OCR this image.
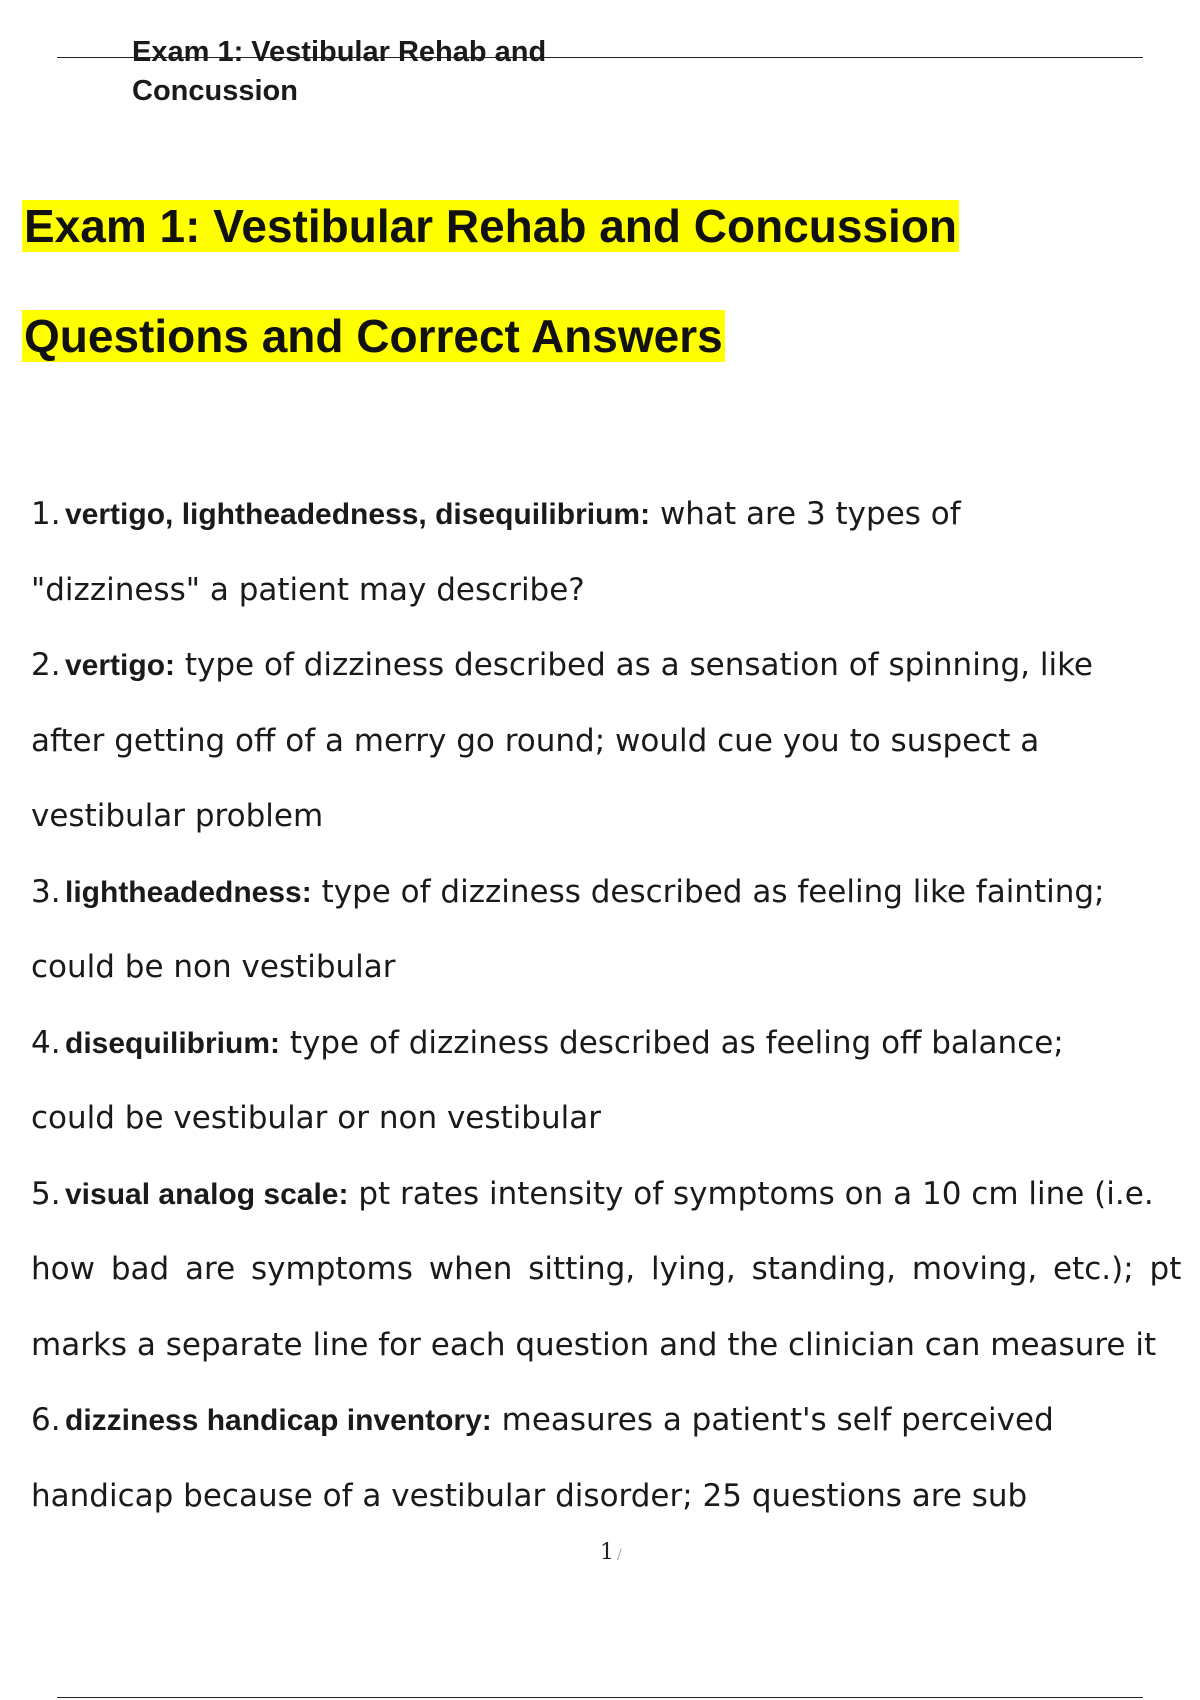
Exam 1: Vestibular Rehab and
Concussion
Exam 1: Vestibular Rehab and Concussion
Questions and Correct Answers
1. vertigo, lightheadedness, disequilibrium: what are 3 types of
"dizziness" a patient may describe?
2. vertigo: type of dizziness described as a sensation of spinning, like
after getting off of a merry go round; would cue you to suspect a
vestibular problem
3. lightheadedness: type of dizziness described as feeling like fainting;
could be non vestibular
4. disequilibrium: type of dizziness described as feeling off balance;
could be vestibular or non vestibular
5. visual analog scale: pt rates intensity of symptoms on a 10 cm line (i.e.
how bad are symptoms when sitting, lying, standing, moving, etc.); pt
marks a separate line for each question and the clinician can measure it
6. dizziness handicap inventory: measures a patient's self perceived
handicap because of a vestibular disorder; 25 questions are sub
1 /
